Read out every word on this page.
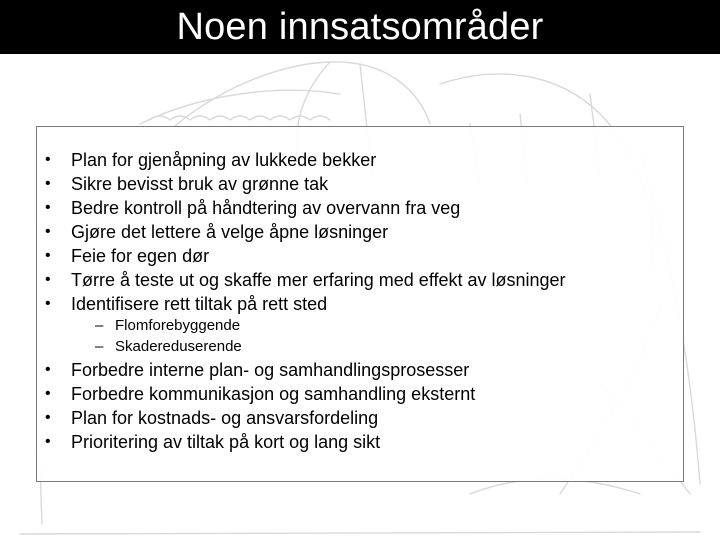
Noen innsatsområder
• Plan for gjenåpning av lukkede bekker
• Sikre bevisst bruk av grønne tak
• Bedre kontroll på håndtering av overvann fra veg
• Gjøre det lettere å velge åpne løsninger
• Feie for egen dør
• Tørre å teste ut og skaffe mer erfaring med effekt av løsninger
• Identifisere rett tiltak på rett sted
– Flomforebyggende
– Skadereduserende
• Forbedre interne plan- og samhandlingsprosesser
• Forbedre kommunikasjon og samhandling eksternt
• Plan for kostnads- og ansvarsfordeling
• Prioritering av tiltak på kort og lang sikt
